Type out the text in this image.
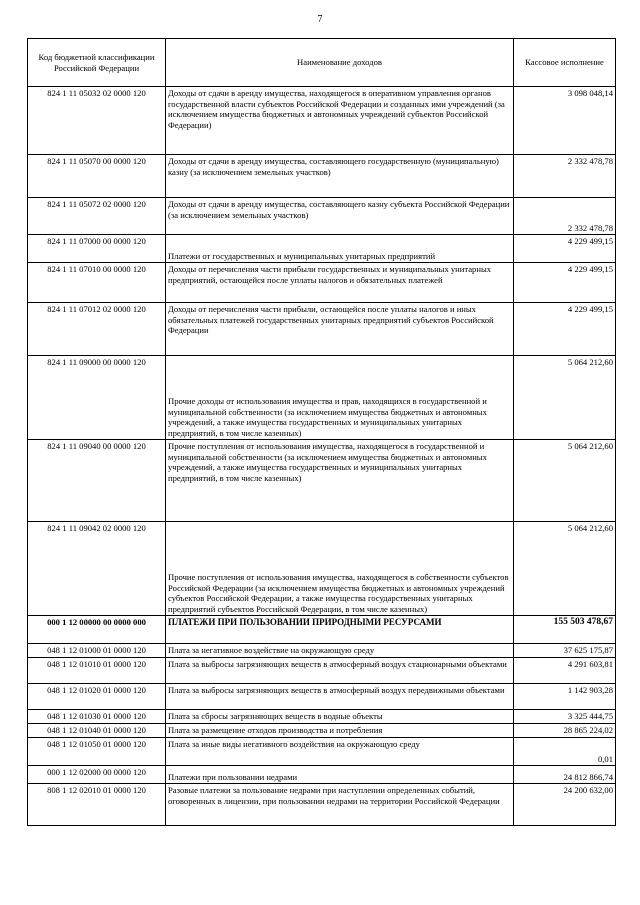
7
Код бюджетной классификации Российской Федерации	Наименование доходов	Кассовое исполнение
824 1 11 05032 02 0000 120	Доходы от сдачи в аренду имущества, находящегося в оперативном управления органов государственной власти субъектов Российской Федерации и созданных ими учреждений (за исключением имущества бюджетных и автономных учреждений субъектов Российской Федерации)	3 098 048,14
824 1 11 05070 00 0000 120	Доходы от сдачи в аренду имущества, составляющего государственную (муниципальную) казну (за исключением земельных участков)	2 332 478,78
824 1 11 05072 02 0000 120	Доходы от сдачи в аренду имущества, составляющего казну субъекта Российской Федерации (за исключением земельных участков)	2 332 478,78
824 1 11 07000 00 0000 120	Платежи от государственных и муниципальных унитарных предприятий	4 229 499,15
824 1 11 07010 00 0000 120	Доходы от перечисления части прибыли государственных и муниципальных унитарных предприятий, остающейся после уплаты налогов и обязательных платежей	4 229 499,15
824 1 11 07012 02 0000 120	Доходы от перечисления части прибыли, остающейся после уплаты налогов и иных обязательных платежей государственных унитарных предприятий субъектов Российской Федерации	4 229 499,15
824 1 11 09000 00 0000 120	Прочие доходы от использования имущества и прав, находящихся в государственной и муниципальной собственности (за исключением имущества бюджетных и автономных учреждений, а также имущества государственных и муниципальных унитарных предприятий, в том числе казенных)	5 064 212,60
824 1 11 09040 00 0000 120	Прочие поступления от использования имущества, находящегося в государственной и муниципальной собственности (за исключением имущества бюджетных и автономных учреждений, а также имущества государственных и муниципальных унитарных предприятий, в том числе казенных)	5 064 212,60
824 1 11 09042 02 0000 120	Прочие поступления от использования имущества, находящегося в собственности субъектов Российской Федерации (за исключением имущества бюджетных и автономных учреждений субъектов Российской Федерации, а также имущества государственных унитарных предприятий субъектов Российской Федерации, в том числе казенных)	5 064 212,60
000 1 12 00000 00 0000 000	ПЛАТЕЖИ ПРИ ПОЛЬЗОВАНИИ ПРИРОДНЫМИ РЕСУРСАМИ	155 503 478,67
048 1 12 01000 01 0000 120	Плата за негативное воздействие на окружающую среду	37 625 175,87
048 1 12 01010 01 0000 120	Плата за выбросы загрязняющих веществ в атмосферный воздух стационарными объектами	4 291 603,81
048 1 12 01020 01 0000 120	Плата за выбросы загрязняющих веществ в атмосферный воздух передвижными объектами	1 142 903,28
048 1 12 01030 01 0000 120	Плата за сбросы загрязняющих веществ в водные объекты	3 325 444,75
048 1 12 01040 01 0000 120	Плата за размещение отходов производства и потребления	28 865 224,02
048 1 12 01050 01 0000 120	Плата за иные виды негативного воздействия на окружающую среду	0,01
000 1 12 02000 00 0000 120	Платежи при пользовании недрами	24 812 866,74
808 1 12 02010 01 0000 120	Разовые платежи за пользование недрами при наступлении определенных событий, оговоренных в лицензии, при пользовании недрами на территории Российской Федерации	24 200 632,00
